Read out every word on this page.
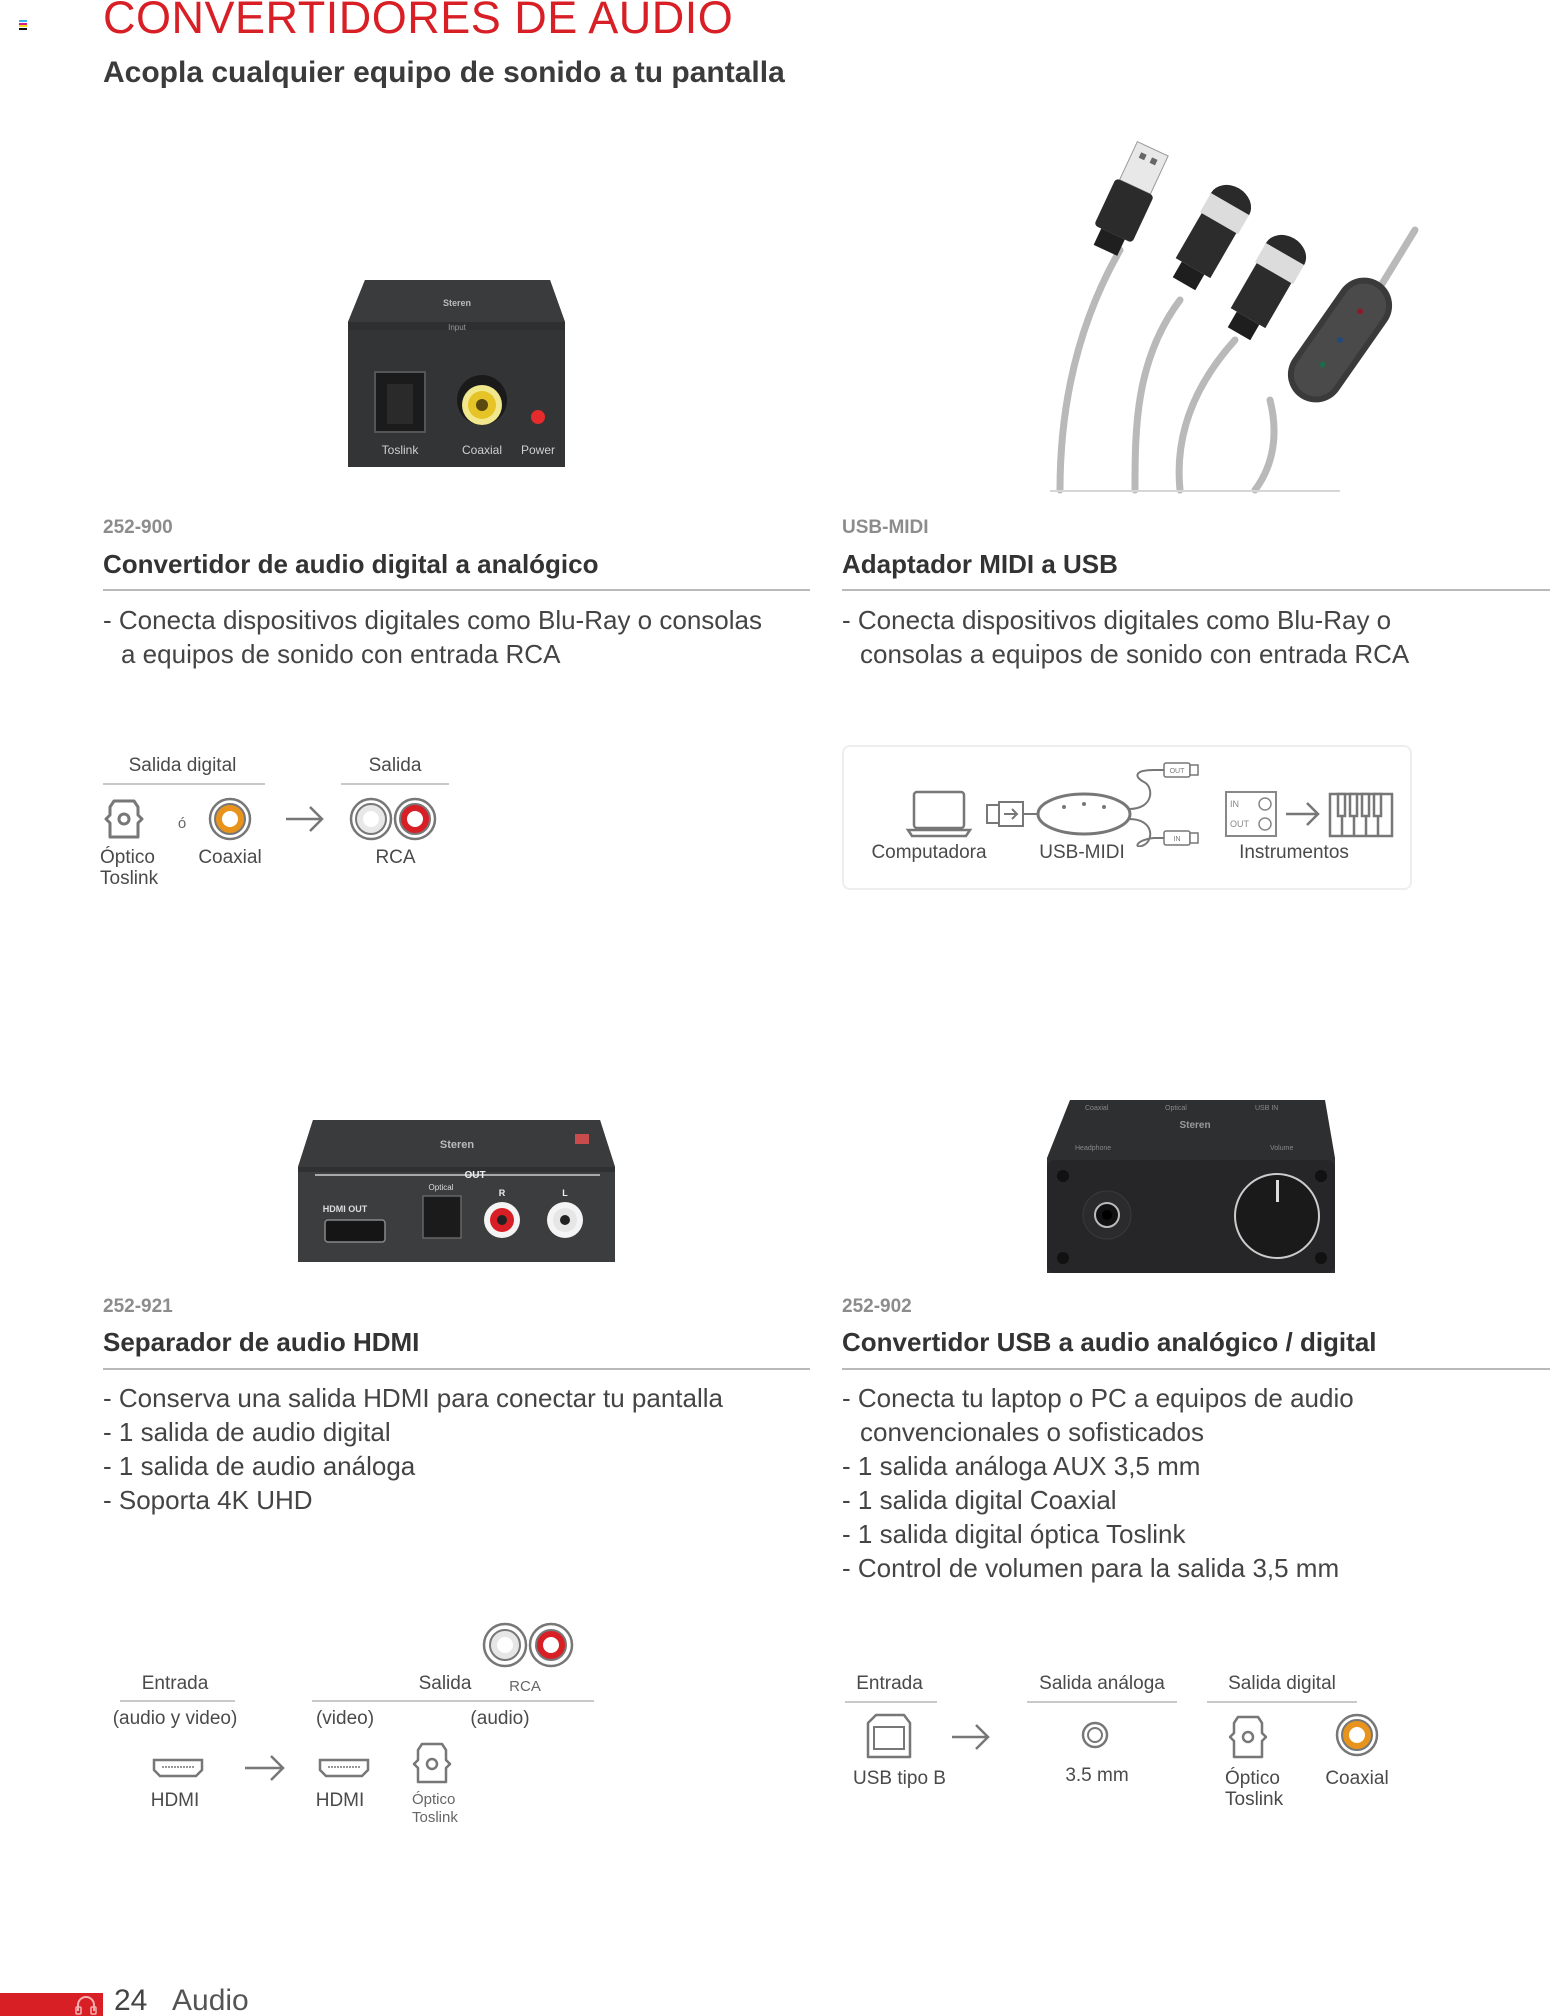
CONVERTIDORES DE AUDIO
Acopla cualquier equipo de sonido a tu pantalla
Steren
Input
Toslink	Coaxial Power
252-900
Convertidor de audio digital a analógico
- Conecta dispositivos digitales como Blu-Ray o consolas a equipos de sonido con entrada RCA
USB-MIDI
Adaptador MIDI a USB
- Conecta dispositivos digitales como Blu-Ray o consolas a equipos de sonido con entrada RCA
Salida digital	Salida
ó
Óptico Toslink
Coaxial	RCA
OUT
IN
IN
OUT
Computadora	USB-MIDI	Instrumentos
Steren
OUT
HDMI OUT
Optical
R	L
Steren
Coaxial	Optical	USB IN
Headphone	Volume
252-921
Separador de audio HDMI
- Conserva una salida HDMI para conectar tu pantalla
- 1 salida de audio digital
- 1 salida de audio análoga
- Soporta 4K UHD
252-902
Convertidor USB a audio analógico / digital
- Conecta tu laptop o PC a equipos de audio convencionales o sofisticados
- 1 salida análoga AUX 3,5 mm
- 1 salida digital Coaxial
- 1 salida digital óptica Toslink
- Control de volumen para la salida 3,5 mm
Entrada	Salida	RCA
(audio y video)	(video)	(audio)
HDMI	HDMI	Óptico Toslink
Entrada	Salida análoga	Salida digital
USB tipo B	3.5 mm	Óptico Toslink
Coaxial
24 Audio
